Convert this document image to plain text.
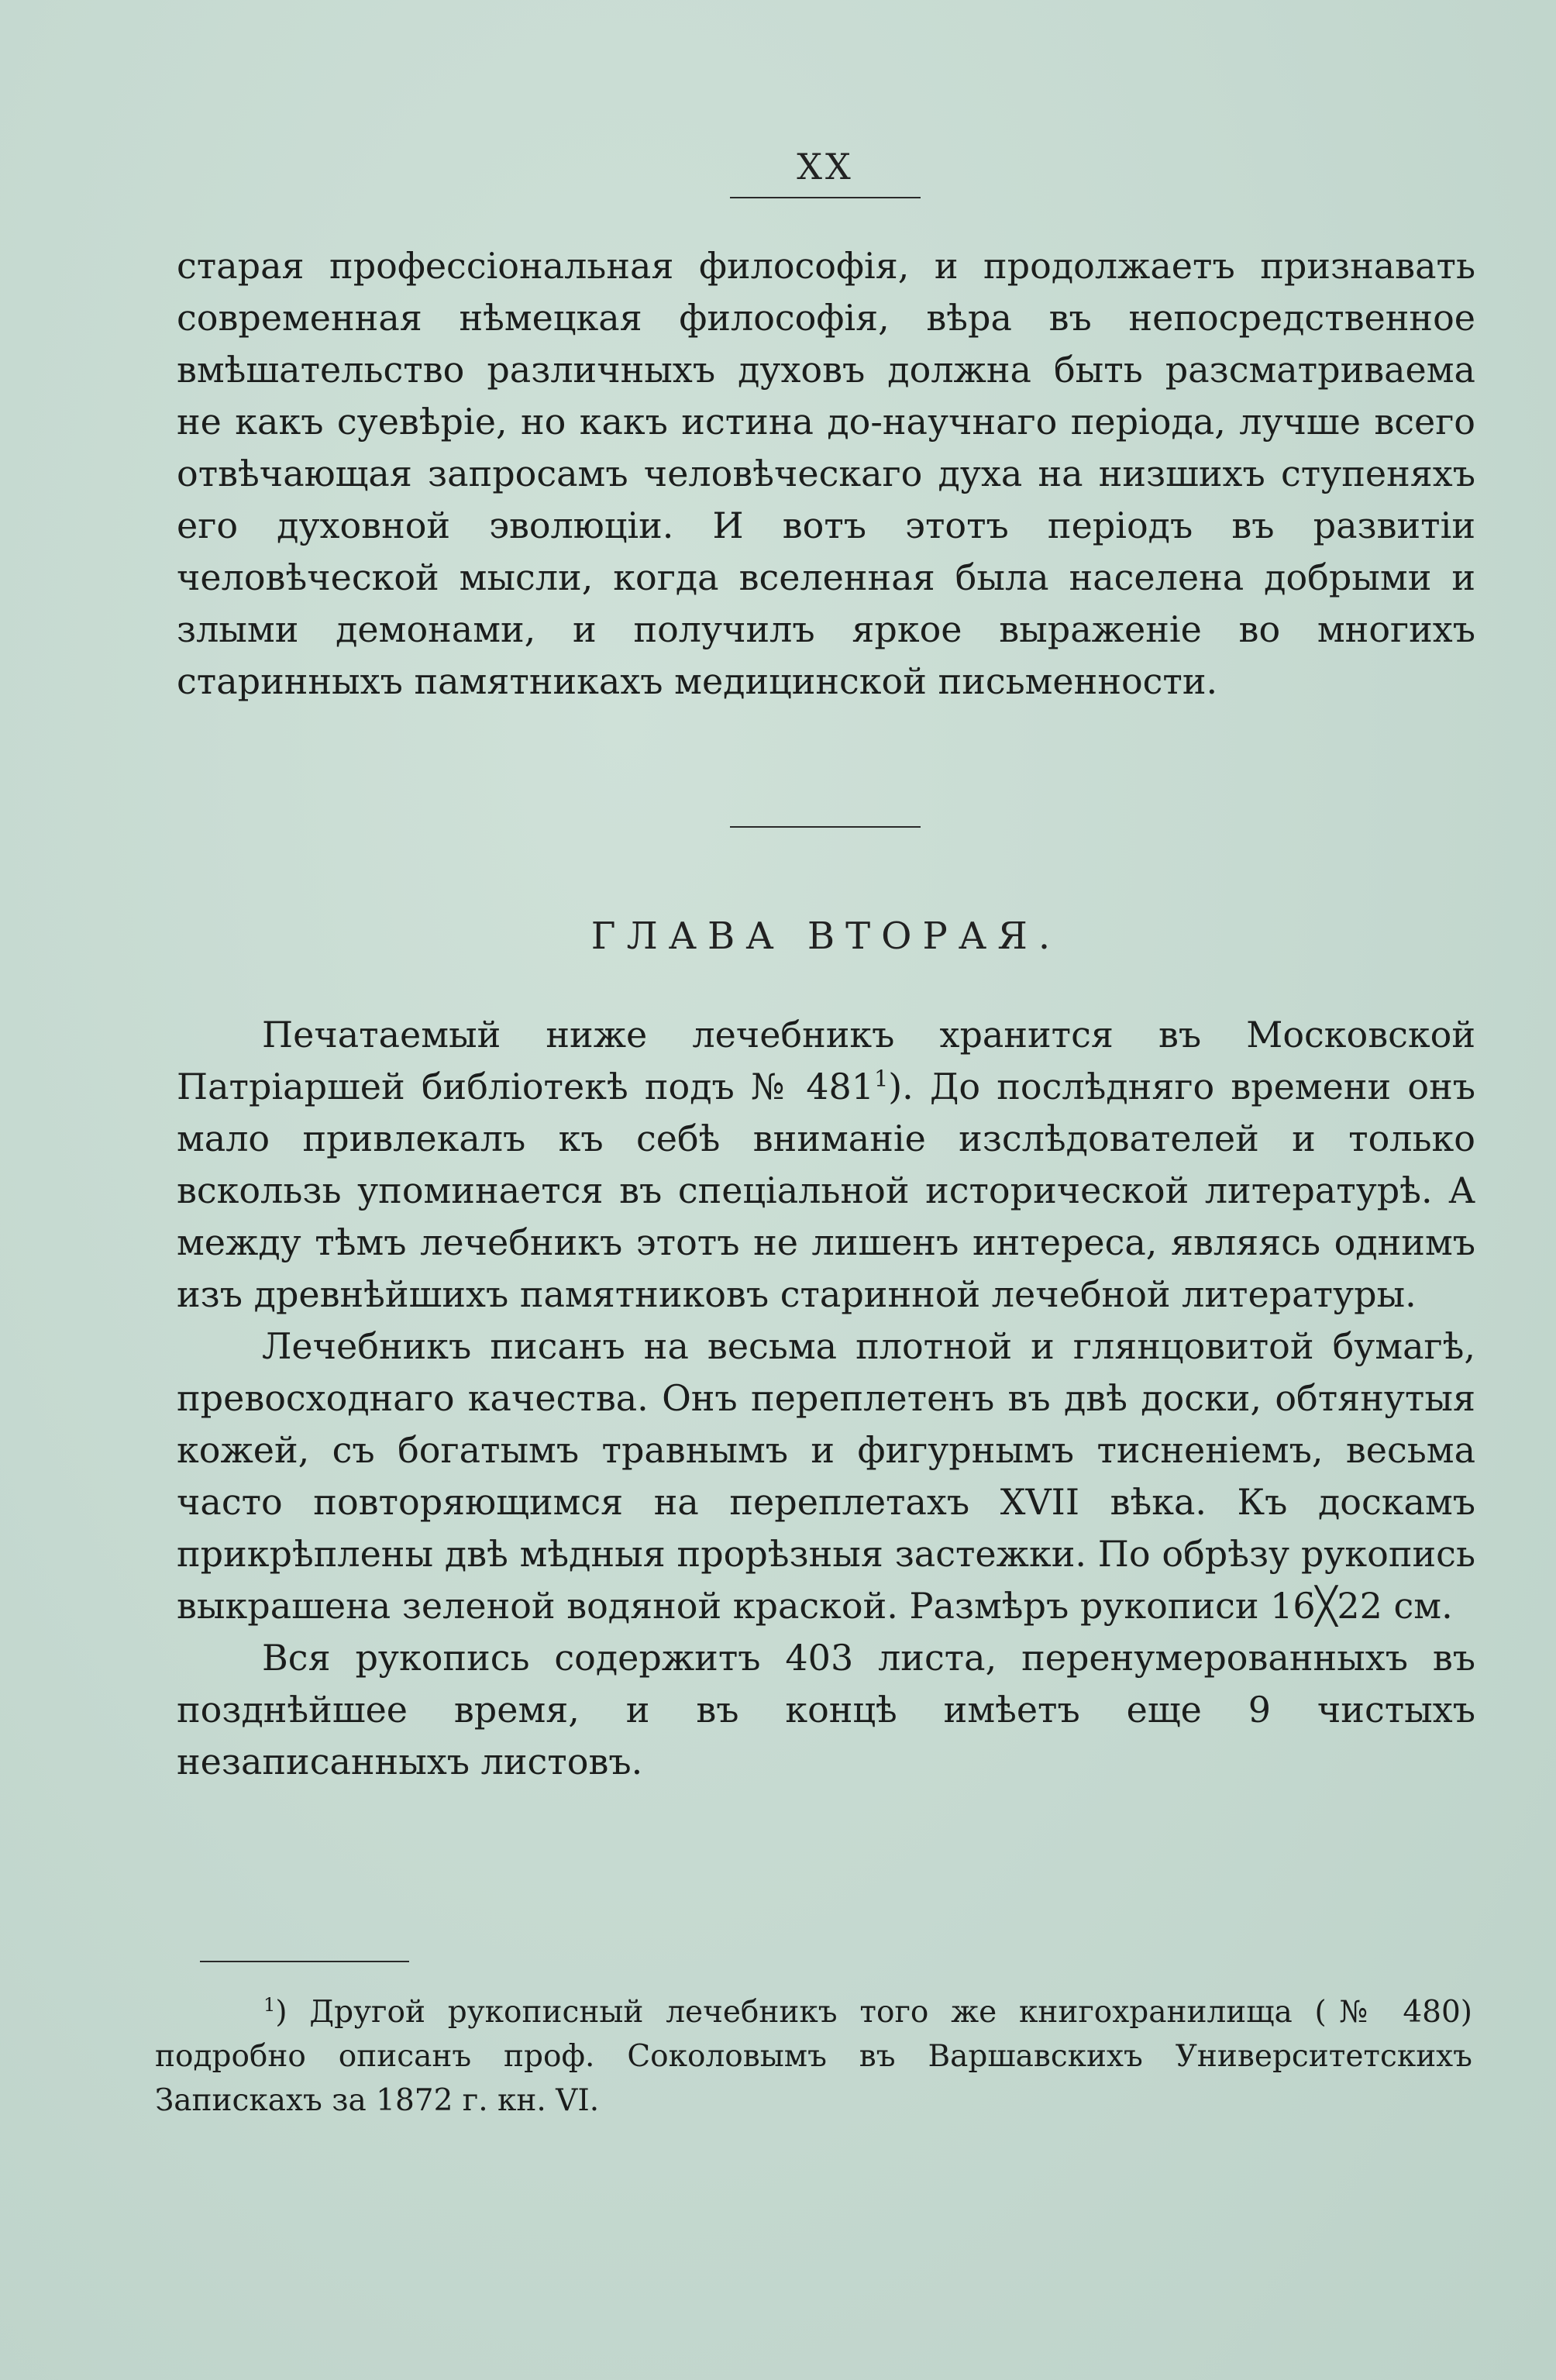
XX

старая профессіональная философія, и продолжаетъ признавать современная нѣмецкая философія, вѣра въ непосредственное вмѣшательство различныхъ духовъ должна быть разсматриваема не какъ суевѣріе, но какъ истина до-научнаго періода, лучше всего отвѣчающая запросамъ человѣческаго духа на низшихъ ступеняхъ его духовной эволюціи. И вотъ этотъ періодъ въ развитіи человѣческой мысли, когда вселенная была населена добрыми и злыми демонами, и получилъ яркое выраженіе во многихъ старинныхъ памятникахъ медицинской письменности.

ГЛАВА ВТОРАЯ.

Печатаемый ниже лечебникъ хранится въ Московской Патріаршей библіотекѣ подъ № $481^1$). До послѣдняго времени онъ мало привлекалъ къ себѣ вниманіе изслѣдователей и только вскользь упоминается въ спеціальной исторической литературѣ. А между тѣмъ лечебникъ этотъ не лишенъ интереса, являясь однимъ изъ древнѣйшихъ памятниковъ старинной лечебной литературы.

Лечебникъ писанъ на весьма плотной и глянцовитой бумагѣ, превосходнаго качества. Онъ переплетенъ въ двѣ доски, обтянутыя кожей, съ богатымъ травнымъ и фигурнымъ тисненіемъ, весьма часто повторяющимся на переплетахъ XVII вѣка. Къ доскамъ прикрѣплены двѣ мѣдныя прорѣзныя застежки. По обрѣзу рукопись выкрашена зеленой водяной краской. Размѣръ рукописи 16╳22 см.

Вся рукопись содержитъ 403 листа, перенумерованныхъ въ позднѣйшее время, и въ концѣ имѣетъ еще 9 чистыхъ незаписанныхъ листовъ.

$^1$) Другой рукописный лечебникъ того же книгохранилища (№ 480) подробно описанъ проф. Соколовымъ въ Варшавскихъ Университетскихъ Запискахъ за 1872 г. кн. VI.
